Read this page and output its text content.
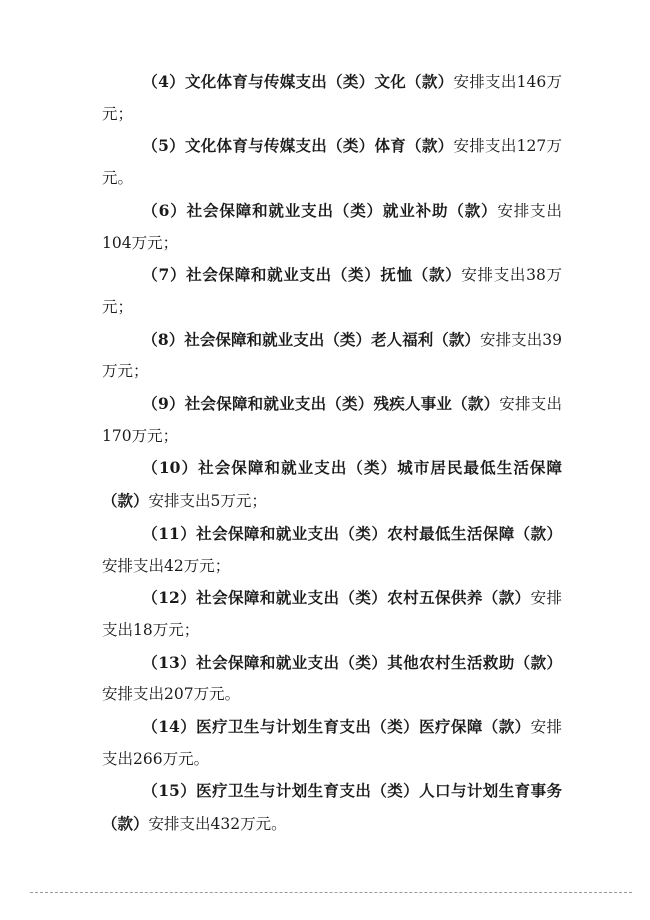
（4）文化体育与传媒支出（类）文化（款）安排支出146万元；

（5）文化体育与传媒支出（类）体育（款）安排支出127万元。

（6）社会保障和就业支出（类）就业补助（款）安排支出104万元；

（7）社会保障和就业支出（类）抚恤（款）安排支出38万元；

（8）社会保障和就业支出（类）老人福利（款）安排支出39万元；

（9）社会保障和就业支出（类）残疾人事业（款）安排支出170万元；

（10）社会保障和就业支出（类）城市居民最低生活保障（款）安排支出5万元；

（11）社会保障和就业支出（类）农村最低生活保障（款）安排支出42万元；

（12）社会保障和就业支出（类）农村五保供养（款）安排支出18万元；

（13）社会保障和就业支出（类）其他农村生活救助（款）安排支出207万元。

（14）医疗卫生与计划生育支出（类）医疗保障（款）安排支出266万元。

（15）医疗卫生与计划生育支出（类）人口与计划生育事务（款）安排支出432万元。
